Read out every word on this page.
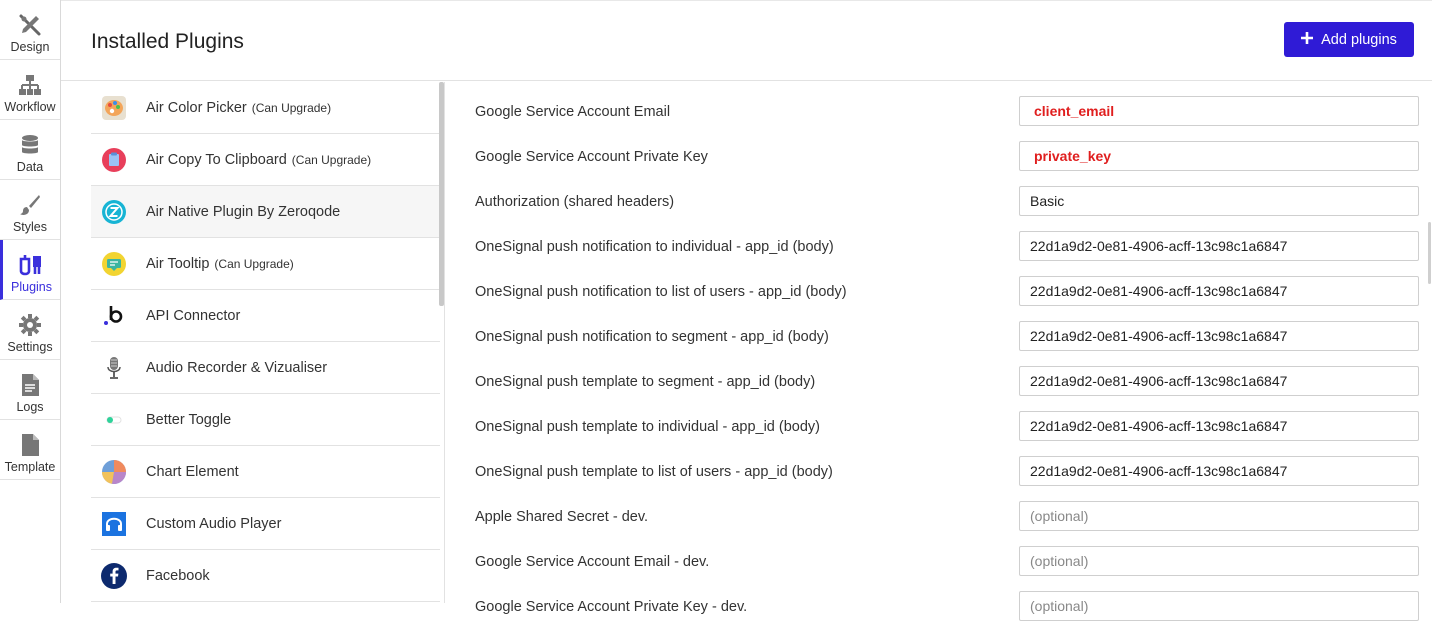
Design
Workflow
Data
Styles
Plugins
Settings
Logs
Template
Installed Plugins	Add plugins
Air Color Picker (Can Upgrade)
Air Copy To Clipboard (Can Upgrade)
Air Native Plugin By Zeroqode
Air Tooltip (Can Upgrade)
API Connector
Audio Recorder & Vizualiser
Better Toggle
Chart Element
Custom Audio Player
Facebook
Google Service Account Email
client_email
Google Service Account Private Key
private_key
Authorization (shared headers)
Basic
OneSignal push notification to individual - app_id (body)
22d1a9d2-0e81-4906-acff-13c98c1a6847
OneSignal push notification to list of users - app_id (body)
22d1a9d2-0e81-4906-acff-13c98c1a6847
OneSignal push notification to segment - app_id (body)
22d1a9d2-0e81-4906-acff-13c98c1a6847
OneSignal push template to segment - app_id (body)
22d1a9d2-0e81-4906-acff-13c98c1a6847
OneSignal push template to individual - app_id (body)
22d1a9d2-0e81-4906-acff-13c98c1a6847
OneSignal push template to list of users - app_id (body)
22d1a9d2-0e81-4906-acff-13c98c1a6847
Apple Shared Secret - dev.
(optional)
Google Service Account Email - dev.
(optional)
Google Service Account Private Key - dev.
(optional)
